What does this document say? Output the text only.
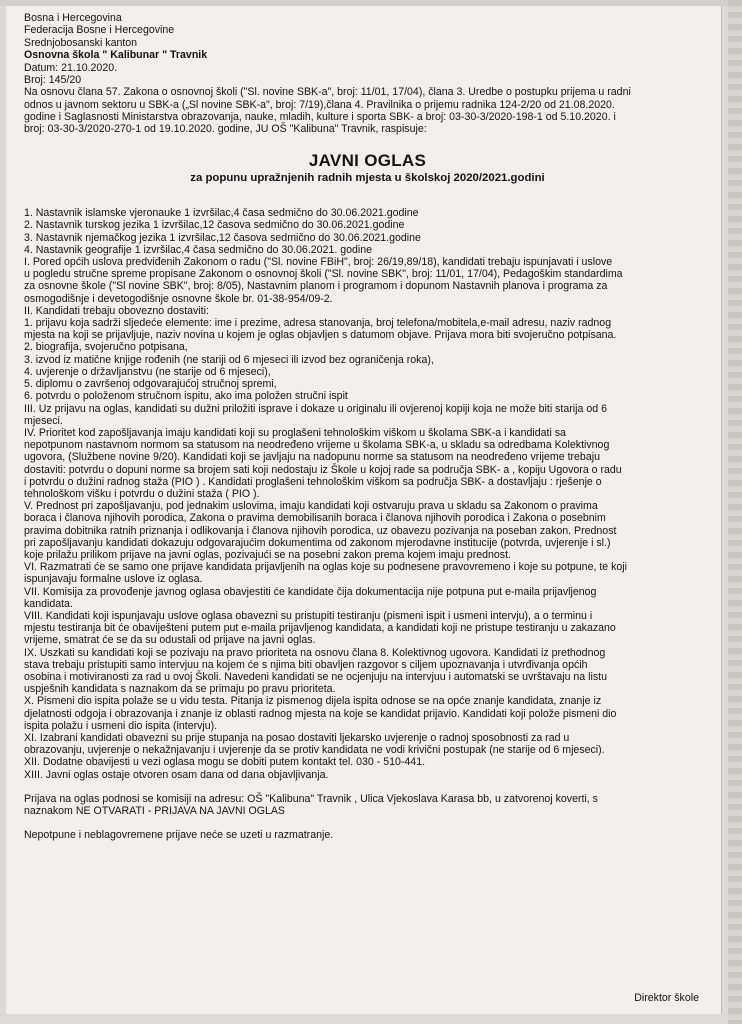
Bosna i Hercegovina
Federacija Bosne i Hercegovine
Srednjobosanski kanton
Osnovna škola " Kalibunar " Travnik
Datum: 21.10.2020.
Broj: 145/20
Na osnovu člana 57. Zakona o osnovnoj školi ("Sl. novine SBK-a", broj: 11/01, 17/04), člana 3. Uredbe o postupku prijema u radni
odnos u javnom sektoru u SBK-a („Sl novine SBK-a", broj: 7/19),člana 4. Pravilnika o prijemu radnika 124-2/20 od 21.08.2020.
godine i Saglasnosti Ministarstva obrazovanja, nauke, mladih, kulture i sporta SBK- a broj: 03-30-3/2020-198-1 od 5.10.2020. i
broj: 03-30-3/2020-270-1 od 19.10.2020. godine, JU OŠ "Kalibuna" Travnik, raspisuje:
JAVNI OGLAS
za popunu upražnjenih radnih mjesta u školskoj 2020/2021.godini
1. Nastavnik islamske vjeronauke 1 izvršilac,4 časa sedmično do 30.06.2021.godine
2. Nastavnik turskog jezika 1 izvršilac,12 časova sedmično do 30.06.2021.godine
3. Nastavnik njemačkog jezika 1 izvršilac,12 časova sedmično do 30.06.2021.godine
4. Nastavnik geografije 1 izvršilac,4 časa sedmično do 30.06.2021. godine
I. Pored općih uslova predviđenih Zakonom o radu ("Sl. novine FBiH", broj: 26/19,89/18), kandidati trebaju ispunjavati i uslove
u pogledu stručne spreme propisane Zakonom o osnovnoj školi ("Sl. novine SBK", broj: 11/01, 17/04), Pedagoškim standardima
za osnovne škole ("Sl novine SBK", broj: 8/05), Nastavnim planom i programom i dopunom Nastavnih planova i programa za
osmogodišnje i devetogodišnje osnovne škole br. 01-38-954/09-2.
II. Kandidati trebaju obovezno dostaviti:
1. prijavu koja sadrži sljedeće elemente: ime i prezime, adresa stanovanja, broj telefona/mobitela,e-mail adresu, naziv radnog
mjesta na koji se prijavljuje, naziv novina u kojem je oglas objavljen s datumom objave. Prijava mora biti svojeručno potpisana.
2. biografija, svojeručno potpisana,
3. izvod iz matične knjige rođenih (ne stariji od 6 mjeseci ili izvod bez ograničenja roka),
4. uvjerenje o državljanstvu (ne starije od 6 mjeseci),
5. diplomu o završenoj odgovarajućoj stručnoj spremi,
6. potvrdu o položenom stručnom ispitu, ako ima položen stručni ispit
III. Uz prijavu na oglas, kandidati su dužni priložiti isprave i dokaze u originalu ili ovjerenoj kopiji koja ne može biti starija od 6
mjeseci.
IV. Prioritet kod zapošljavanja imaju kandidati koji su proglašeni tehnološkim viškom u školama SBK-a i kandidati sa
nepotpunom nastavnom normom sa statusom na neodređeno vrijeme u školama SBK-a, u skladu sa odredbama Kolektivnog
ugovora, (Službene novine 9/20). Kandidati koji se javljaju na nadopunu norme sa statusom na neodređeno vrijeme trebaju
dostaviti: potvrdu o dopuni norme sa brojem sati koji nedostaju iz Škole u kojoj rade sa područja SBK- a , kopiju Ugovora o radu
i potvrdu o dužini radnog staža (PIO ) . Kandidati proglašeni tehnološkim viškom sa područja SBK- a dostavljaju : rješenje o
tehnološkom višku i potvrdu o dužini staža ( PIO ).
V. Prednost pri zapošljavanju, pod jednakim uslovima, imaju kandidati koji ostvaruju prava u skladu sa Zakonom o pravima
boraca i članova njihovih porodica, Zakona o pravima demobilisanih boraca i članova njihovih porodica i Zakona o posebnim
pravima dobitnika ratnih priznanja i odlikovanja i članova njihovih porodica, uz obavezu pozivanja na poseban zakon. Prednost
pri zapošljavanju kandidati dokazuju odgovarajućim dokumentima od zakonom mjerodavne institucije (potvrda, uvjerenje i sl.)
koje prilažu prilikom prijave na javni oglas, pozivajući se na posebni zakon prema kojem imaju prednost.
VI. Razmatrati će se samo one prijave kandidata prijavljenih na oglas koje su podnesene pravovremeno i koje su potpune, te koji
ispunjavaju formalne uslove iz oglasa.
VII. Komisija za provođenje javnog oglasa obavjestiti će kandidate čija dokumentacija nije potpuna put e-maila prijavljenog
kandidata.
VIII. Kandidati koji ispunjavaju uslove oglasa obavezni su pristupiti testiranju (pismeni ispit i usmeni intervju), a o terminu i
mjestu testiranja bit će obaviješteni putem put e-maila prijavljenog kandidata, a kandidati koji ne pristupe testiranju u zakazano
vrijeme, smatrat će se da su odustali od prijave na javni oglas.
IX. Uszkati su kandidati koji se pozivaju na pravo prioriteta na osnovu člana 8. Kolektivnog ugovora. Kandidati iz prethodnog
stava trebaju pristupiti samo intervjuu na kojem će s njima biti obavljen razgovor s ciljem upoznavanja i utvrđivanja općih
osobina i motiviranosti za rad u ovoj Školi. Navedeni kandidati se ne ocjenjuju na intervjuu i automatski se uvrštavaju na listu
uspješnih kandidata s naznakom da se primaju po pravu prioriteta.
X. Pismeni dio ispita polaže se u vidu testa. Pitanja iz pismenog dijela ispita odnose se na opće znanje kandidata, znanje iz
djelatnosti odgoja i obrazovanja i znanje iz oblasti radnog mjesta na koje se kandidat prijavio. Kandidati koji polože pismeni dio
ispita polažu i usmeni dio ispita (intervju).
XI. Izabrani kandidati obavezni su prije stupanja na posao dostaviti ljekarsko uvjerenje o radnoj sposobnosti za rad u
obrazovanju, uvjerenje o nekažnjavanju i uvjerenje da se protiv kandidata ne vodi krivični postupak (ne starije od 6 mjeseci).
XII. Dodatne obavijesti u vezi oglasa mogu se dobiti putem kontakt tel. 030 - 510-441.
XIII. Javni oglas ostaje otvoren osam dana od dana objavljivanja.
Prijava na oglas podnosi se komisiji na adresu: OŠ "Kalibuna" Travnik , Ulica Vjekoslava Karasa bb, u zatvorenoj koverti, s
naznakom NE OTVARATI - PRIJAVA NA JAVNI OGLAS
Nepotpune i neblagovremene prijave neće se uzeti u razmatranje.
Direktor škole
